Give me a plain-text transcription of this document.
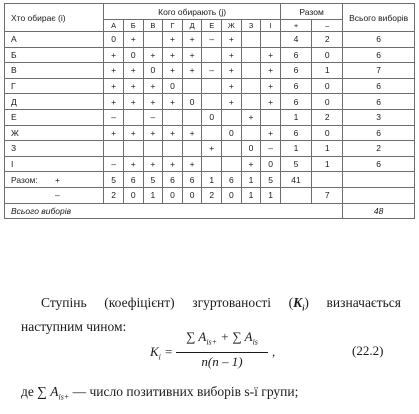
Хто обирає (i)	Кого обирають (j)									Разом		Всього виборів
	А	Б	В	Г	Д	Е	Ж	З	І	+	–	
А	0	+		+	+	–	+			4	2	6
Б	+	0	+	+	+		+		+	6	0	6
В	+	+	0	+	+	–	+		+	6	1	7
Г	+	+	+	0			+		+	6	0	6
Д	+	+	+	+	0		+		+	6	0	6
Е	–		–			0		+		1	2	3
Ж	+	+	+	+	+		0		+	6	0	6
З						+		0	–	1	1	2
І	–	+	+	+	+			+	0	5	1	6
Разом: +	5	6	5	6	6	1	6	1	5	41		
–	2	0	1	0	0	2	0	1	1		7	
Всього виборів												48
Ступінь (коефіцієнт) згуртованості $(K_i)$ визначається наступним чином:
$K_i$ =
∑ $A_{is+}$ + ∑ $A_{is}$
n(n – 1)
,	(22.2)
де ∑ $A_{is+}$ — число позитивних виборів s-ї групи;
